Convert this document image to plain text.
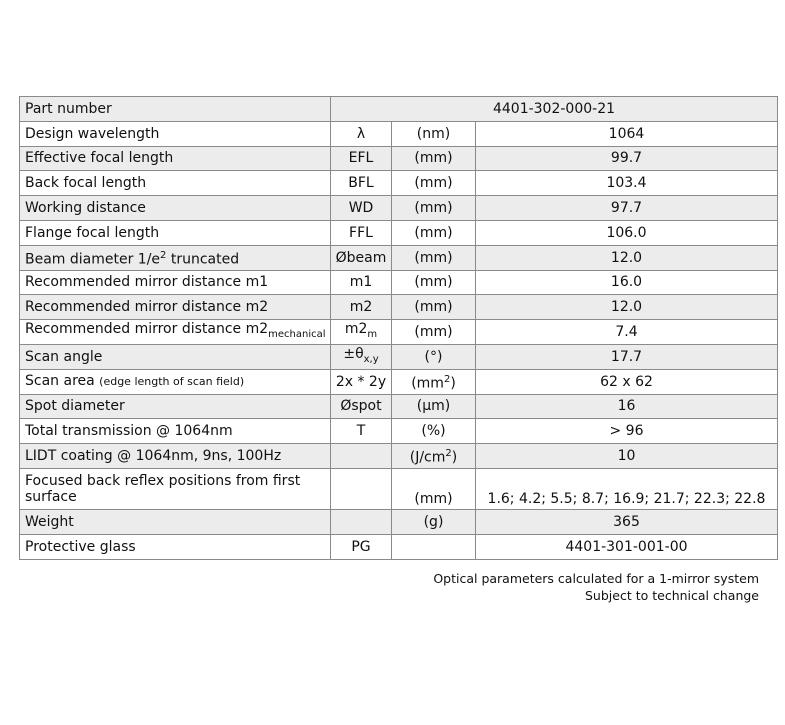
Part number	4401-302-000-21		
Design wavelength	λ	(nm)	1064
Effective focal length	EFL	(mm)	99.7
Back focal length	BFL	(mm)	103.4
Working distance	WD	(mm)	97.7
Flange focal length	FFL	(mm)	106.0
Beam diameter $1/e^2$ truncated	Øbeam	(mm)	12.0
Recommended mirror distance m1	m1	(mm)	16.0
Recommended mirror distance m2	m2	(mm)	12.0
Recommended mirror distance $m2_{mechanical}$	$m2_m$	(mm)	7.4
Scan angle	$\pm\theta_{x,y}$	(°)	17.7
Scan area (edge length of scan field)	2x * 2y	$(mm^2)$	62 x 62
Spot diameter	Øspot	(μm)	16
Total transmission @ 1064nm	T	(%)	> 96
LIDT coating @ 1064nm, 9ns, 100Hz		$(J/cm^2)$	10
Focused back reflex positions from first surface		(mm)	1.6; 4.2; 5.5; 8.7; 16.9; 21.7; 22.3; 22.8
Weight		(g)	365
Protective glass	PG		4401-301-001-00
Optical parameters calculated for a 1-mirror system
Subject to technical change
